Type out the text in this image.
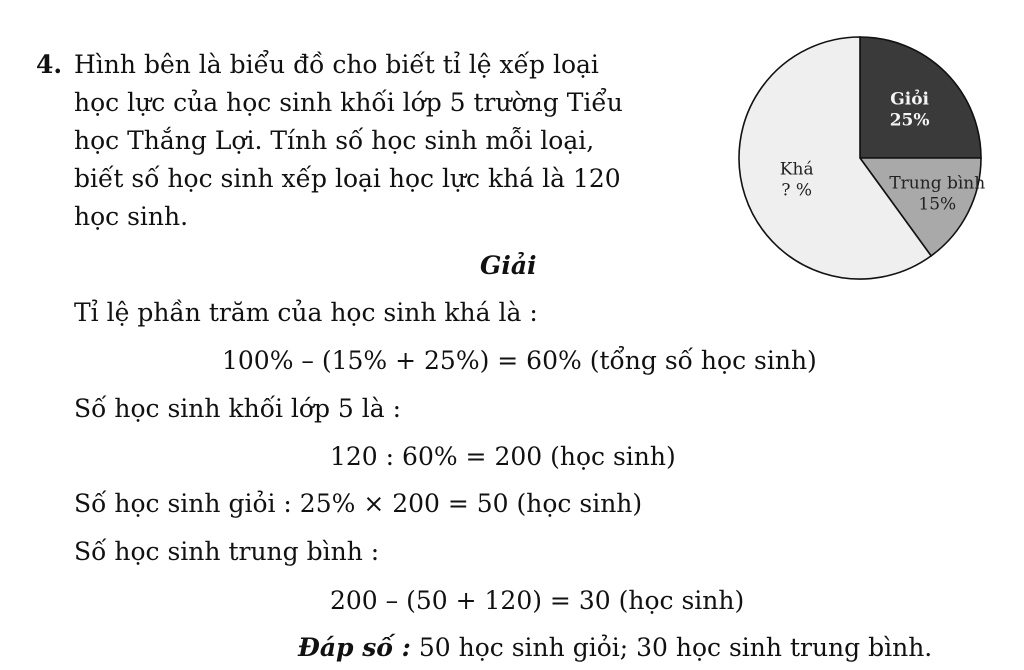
4. Hình bên là biểu đồ cho biết tỉ lệ xếp loại
học lực của học sinh khối lớp 5 trường Tiểu
học Thắng Lợi. Tính số học sinh mỗi loại,
biết số học sinh xếp loại học lực khá là 120
học sinh.
Giỏi
25%
Trung bình
15%
Khá
? %
Giải
Tỉ lệ phần trăm của học sinh khá là :
100% – (15% + 25%) = 60% (tổng số học sinh)
Số học sinh khối lớp 5 là :
120 : 60% = 200 (học sinh)
Số học sinh giỏi : 25% × 200 = 50 (học sinh)
Số học sinh trung bình :
200 – (50 + 120) = 30 (học sinh)
Đáp số : 50 học sinh giỏi; 30 học sinh trung bình.
